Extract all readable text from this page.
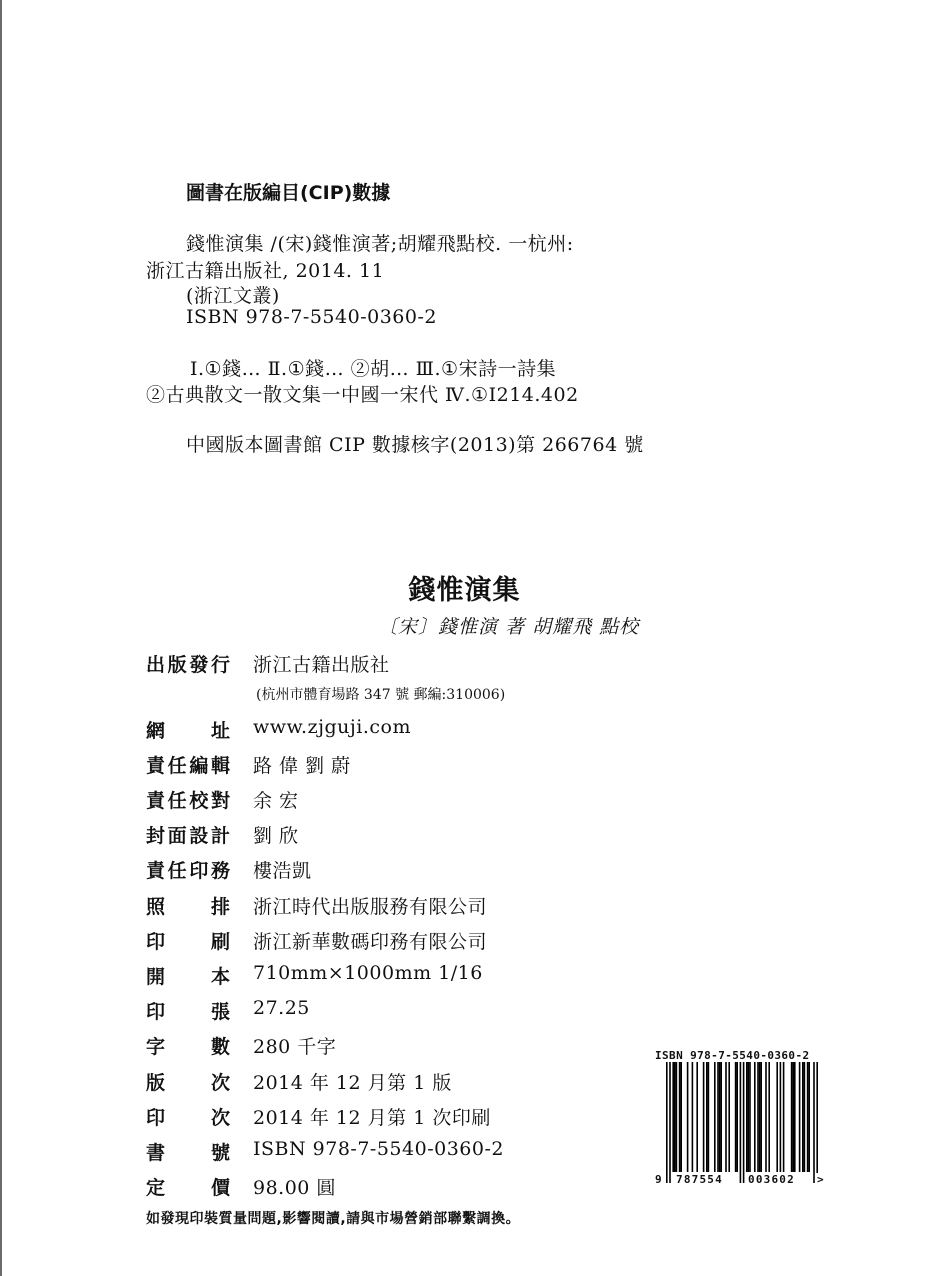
圖書在版編目(CIP)數據
錢惟演集 /(宋)錢惟演著;胡耀飛點校. 一杭州:
浙江古籍出版社, 2014. 11
(浙江文叢)
ISBN 978-7-5540-0360-2
Ⅰ.①錢… Ⅱ.①錢… ②胡… Ⅲ.①宋詩一詩集
②古典散文一散文集一中國一宋代 Ⅳ.①I214.402
中國版本圖書館 CIP 數據核字(2013)第 266764 號
錢惟演集
〔宋〕錢惟演 著 胡耀飛 點校
出版發行 浙江古籍出版社
(杭州市體育場路 347 號 郵編:310006)
網址 www.zjguji.com
責任編輯 路 偉 劉 蔚
責任校對 余 宏
封面設計 劉 欣
責任印務 樓浩凱
照排 浙江時代出版服務有限公司
印刷 浙江新華數碼印務有限公司
開本 710mm×1000mm 1/16
印張 27.25
字數 280 千字
版次 2014 年 12 月第 1 版
印次 2014 年 12 月第 1 次印刷
書號 ISBN 978-7-5540-0360-2
定價 98.00 圓
如發現印裝質量問題,影響閱讀,請與市場營銷部聯繫調換。
ISBN 978-7-5540-0360-2
9 787554 003602 >
